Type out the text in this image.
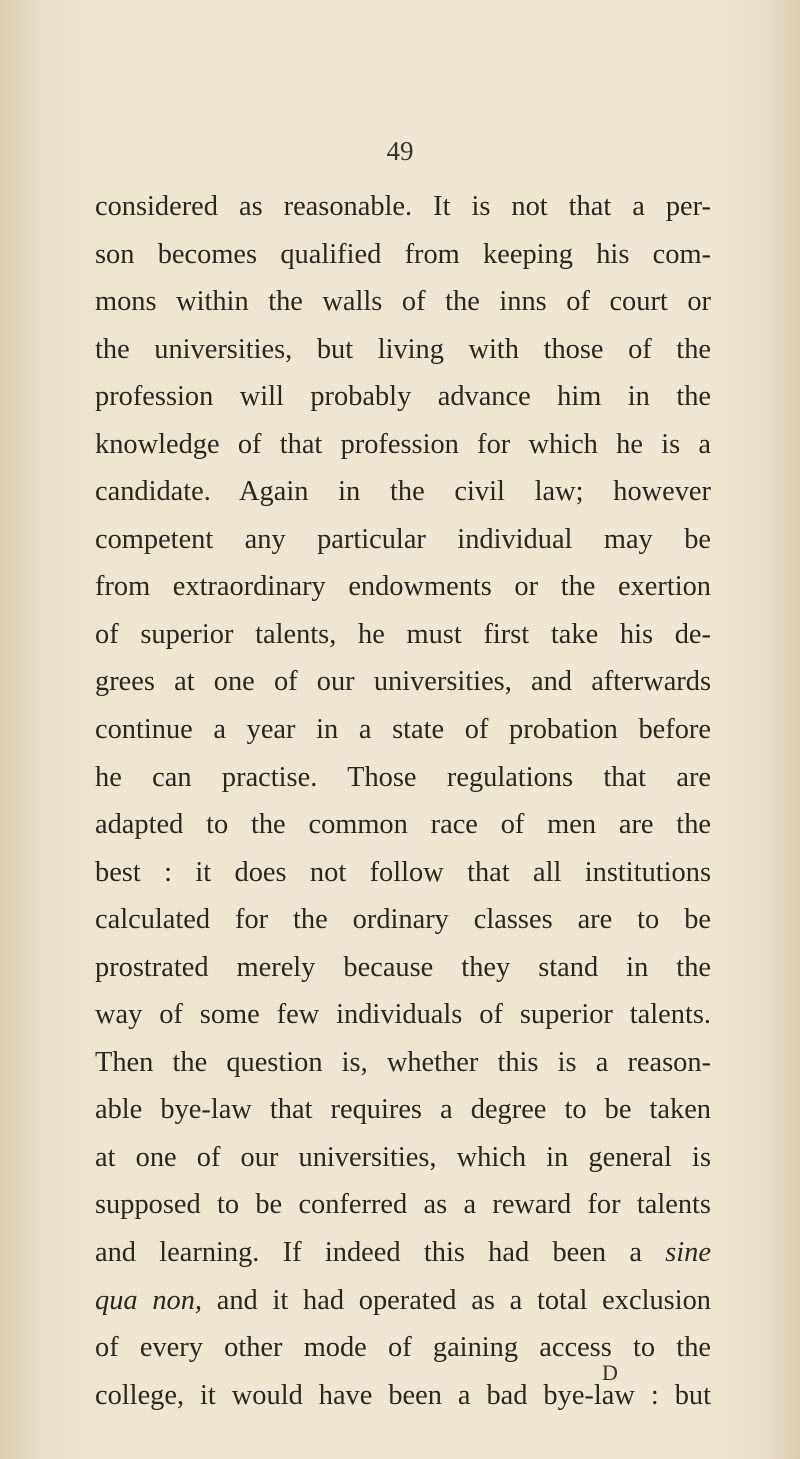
49
considered as reasonable. It is not that a per-
son becomes qualified from keeping his com-
mons within the walls of the inns of court or
the universities, but living with those of the
profession will probably advance him in the
knowledge of that profession for which he is a
candidate. Again in the civil law; however
competent any particular individual may be
from extraordinary endowments or the exertion
of superior talents, he must first take his de-
grees at one of our universities, and afterwards
continue a year in a state of probation before
he can practise. Those regulations that are
adapted to the common race of men are the
best : it does not follow that all institutions
calculated for the ordinary classes are to be
prostrated merely because they stand in the
way of some few individuals of superior talents.
Then the question is, whether this is a reason-
able bye-law that requires a degree to be taken
at one of our universities, which in general is
supposed to be conferred as a reward for talents
and learning. If indeed this had been a sine
qua non, and it had operated as a total exclusion
of every other mode of gaining access to the
college, it would have been a bad bye-law : but
D
